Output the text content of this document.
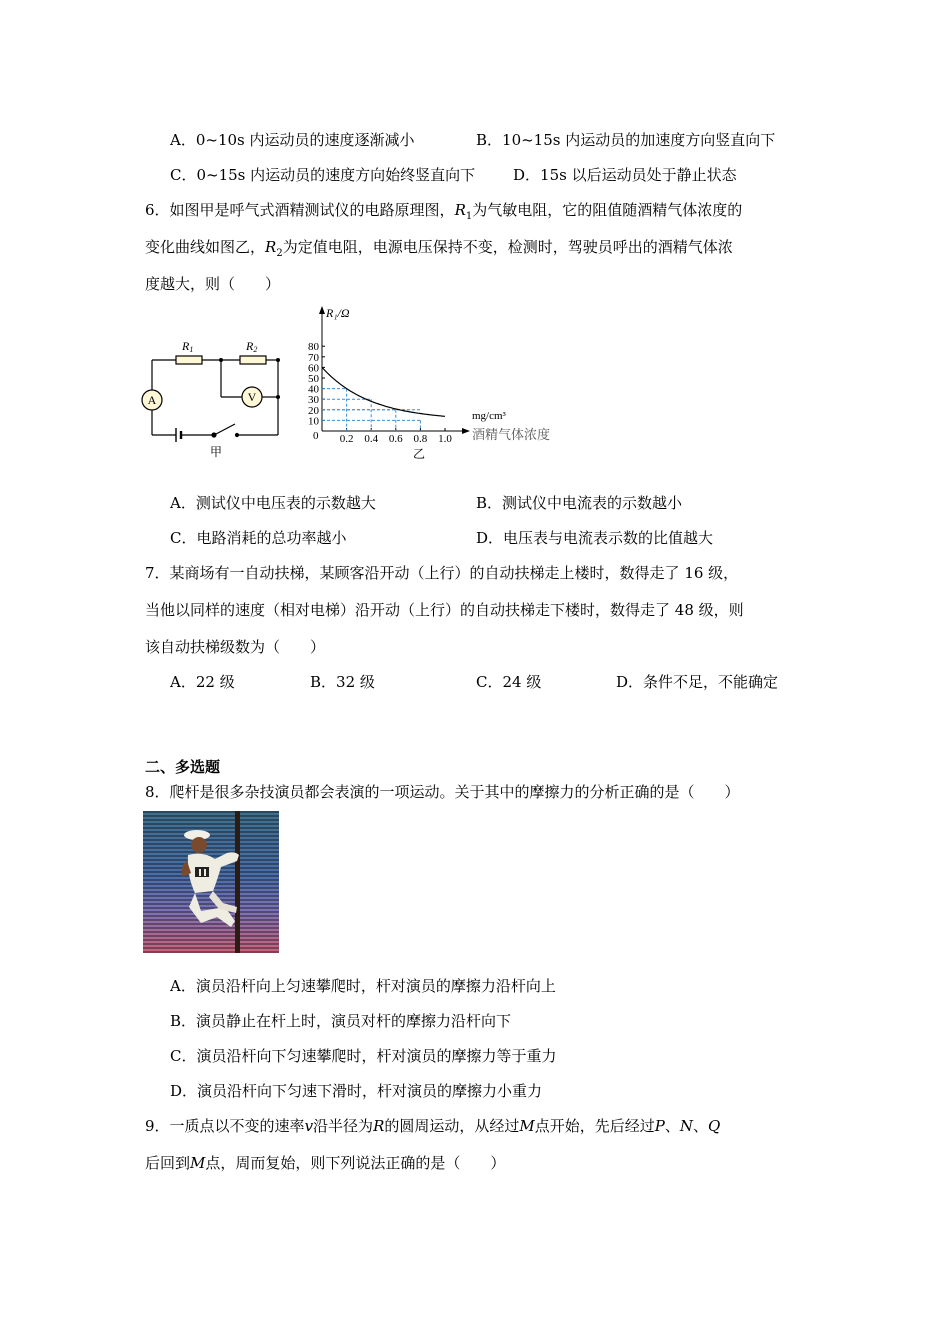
A．0~10s 内运动员的速度逐渐减小	B．10~15s 内运动员的加速度方向竖直向下
C．0~15s 内运动员的速度方向始终竖直向下	D．15s 以后运动员处于静止状态
6．如图甲是呼气式酒精测试仪的电路原理图，$R_1$为气敏电阻，它的阻值随酒精气体浓度的
变化曲线如图乙，$R_2$为定值电阻，电源电压保持不变，检测时，驾驶员呼出的酒精气体浓
度越大，则（　　）
R1	R2
A	V
甲
80
70
60
50
40
30
20
10
0.2 0.4 0.6 0.8 1.0
R₁/Ω
0
mg/cm³
酒精气体浓度
乙
A．测试仪中电压表的示数越大	B．测试仪中电流表的示数越小
C．电路消耗的总功率越小	D．电压表与电流表示数的比值越大
7．某商场有一自动扶梯，某顾客沿开动（上行）的自动扶梯走上楼时，数得走了 16 级，
当他以同样的速度（相对电梯）沿开动（上行）的自动扶梯走下楼时，数得走了 48 级，则
该自动扶梯级数为（　　）
A．22 级	B．32 级	C．24 级	D．条件不足，不能确定
二、多选题
8．爬杆是很多杂技演员都会表演的一项运动。关于其中的摩擦力的分析正确的是（　　）
A．演员沿杆向上匀速攀爬时，杆对演员的摩擦力沿杆向上
B．演员静止在杆上时，演员对杆的摩擦力沿杆向下
C．演员沿杆向下匀速攀爬时，杆对演员的摩擦力等于重力
D．演员沿杆向下匀速下滑时，杆对演员的摩擦力小重力
9．一质点以不变的速率v沿半径为R的圆周运动，从经过M点开始，先后经过P、N、Q
后回到M点，周而复始，则下列说法正确的是（　　）
